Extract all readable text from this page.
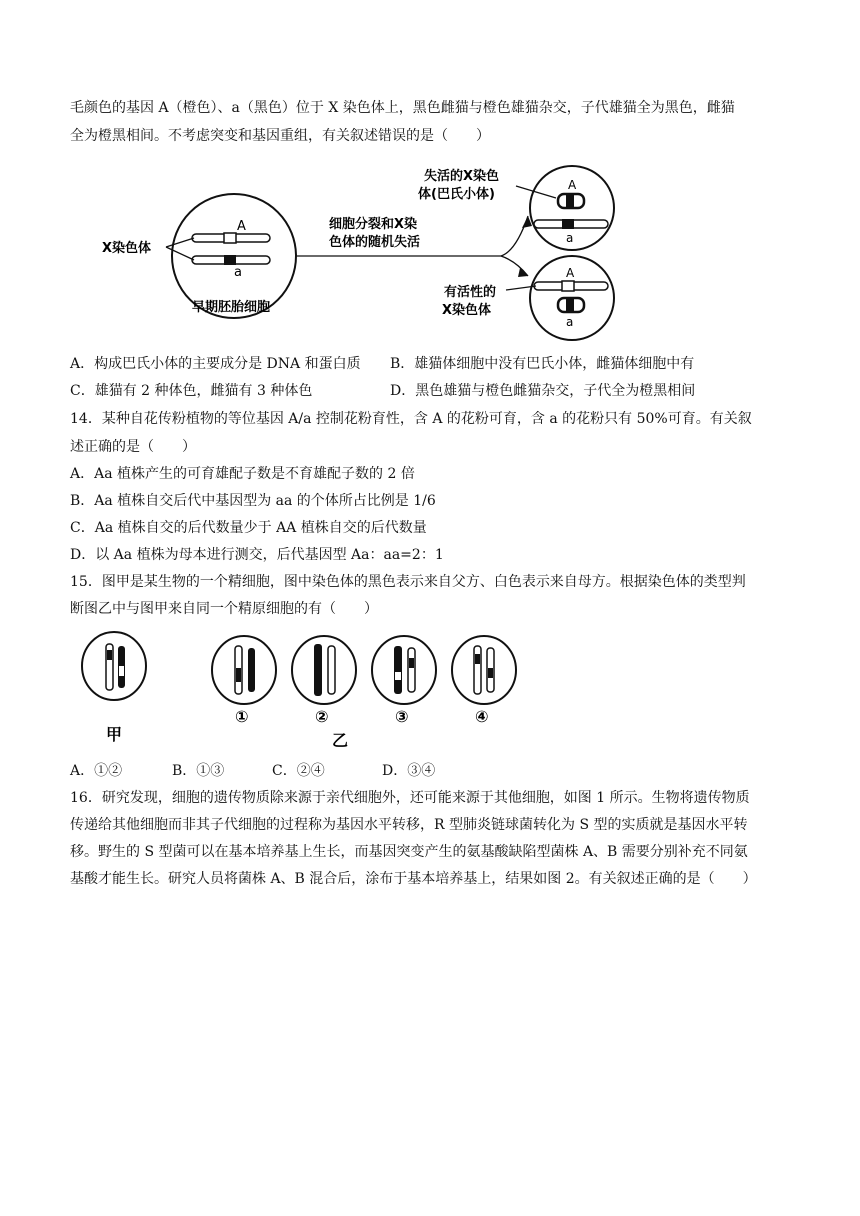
毛颜色的基因 A（橙色）、a（黑色）位于 X 染色体上，黑色雌猫与橙色雄猫杂交，子代雄猫全为黑色，雌猫
全为橙黑相间。不考虑突变和基因重组，有关叙述错误的是（　　）
A
a
X染色体
早期胚胎细胞
细胞分裂和X染
色体的随机失活
A
a
失活的X染色
体(巴氏小体)
A
a
有活性的
X染色体
A．构成巴氏小体的主要成分是 DNA 和蛋白质 B．雄猫体细胞中没有巴氏小体，雌猫体细胞中有
C．雄猫有 2 种体色，雌猫有 3 种体色	D．黑色雄猫与橙色雌猫杂交，子代全为橙黑相间
14．某种自花传粉植物的等位基因 A/a 控制花粉育性，含 A 的花粉可育，含 a 的花粉只有 50%可育。有关叙
述正确的是（　　）
A．Aa 植株产生的可育雄配子数是不育雄配子数的 2 倍
B．Aa 植株自交后代中基因型为 aa 的个体所占比例是 1/6
C．Aa 植株自交的后代数量少于 AA 植株自交的后代数量
D．以 Aa 植株为母本进行测交，后代基因型 Aa：aa=2：1
15．图甲是某生物的一个精细胞，图中染色体的黑色表示来自父方、白色表示来自母方。根据染色体的类型判
断图乙中与图甲来自同一个精原细胞的有（　　）
甲
①	②	③	④
乙
A．①②	B．①③	C．②④	D．③④
16．研究发现，细胞的遗传物质除来源于亲代细胞外，还可能来源于其他细胞，如图 1 所示。生物将遗传物质
传递给其他细胞而非其子代细胞的过程称为基因水平转移，R 型肺炎链球菌转化为 S 型的实质就是基因水平转
移。野生的 S 型菌可以在基本培养基上生长，而基因突变产生的氨基酸缺陷型菌株 A、B 需要分别补充不同氨
基酸才能生长。研究人员将菌株 A、B 混合后，涂布于基本培养基上，结果如图 2。有关叙述正确的是（　　）
